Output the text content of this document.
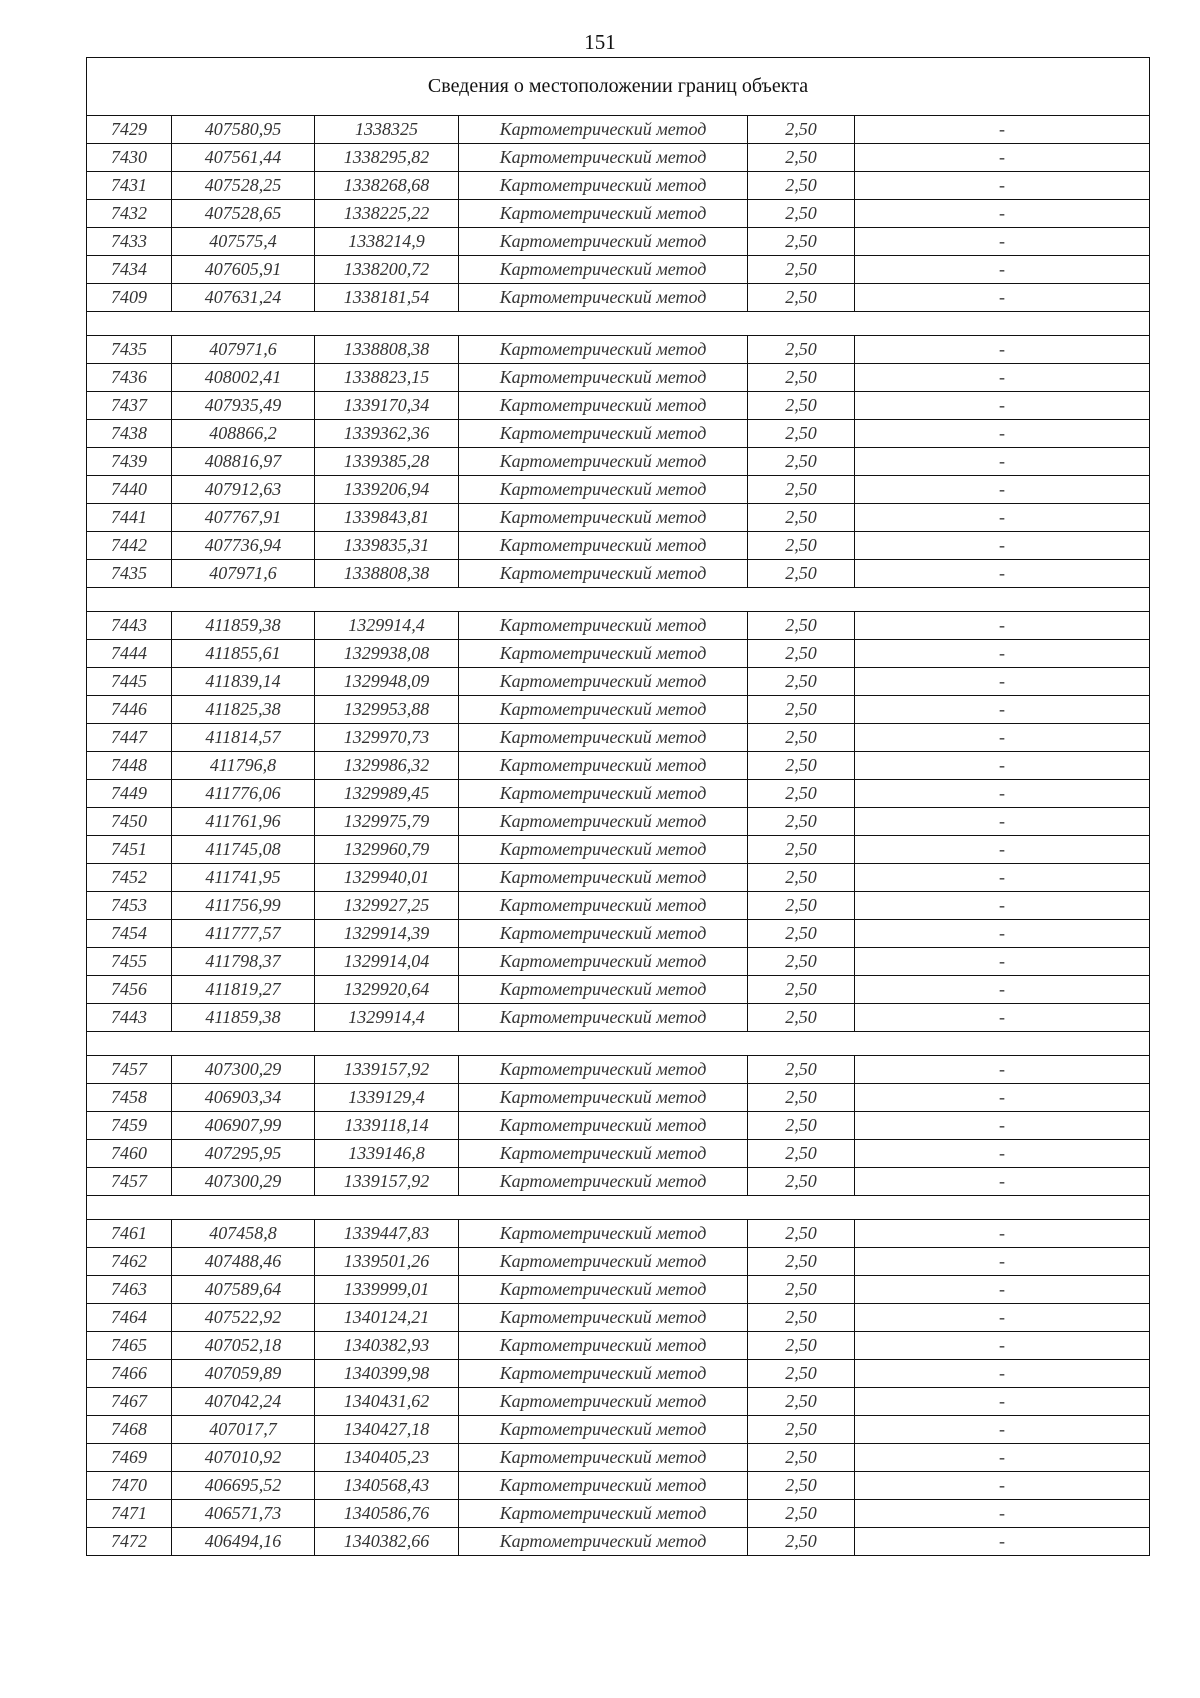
151
Сведения о местоположении границ объекта					
7429	407580,95	1338325	Картометрический метод	2,50	-
7430	407561,44	1338295,82	Картометрический метод	2,50	-
7431	407528,25	1338268,68	Картометрический метод	2,50	-
7432	407528,65	1338225,22	Картометрический метод	2,50	-
7433	407575,4	1338214,9	Картометрический метод	2,50	-
7434	407605,91	1338200,72	Картометрический метод	2,50	-
7409	407631,24	1338181,54	Картометрический метод	2,50	-

7435	407971,6	1338808,38	Картометрический метод	2,50	-
7436	408002,41	1338823,15	Картометрический метод	2,50	-
7437	407935,49	1339170,34	Картометрический метод	2,50	-
7438	408866,2	1339362,36	Картометрический метод	2,50	-
7439	408816,97	1339385,28	Картометрический метод	2,50	-
7440	407912,63	1339206,94	Картометрический метод	2,50	-
7441	407767,91	1339843,81	Картометрический метод	2,50	-
7442	407736,94	1339835,31	Картометрический метод	2,50	-
7435	407971,6	1338808,38	Картометрический метод	2,50	-

7443	411859,38	1329914,4	Картометрический метод	2,50	-
7444	411855,61	1329938,08	Картометрический метод	2,50	-
7445	411839,14	1329948,09	Картометрический метод	2,50	-
7446	411825,38	1329953,88	Картометрический метод	2,50	-
7447	411814,57	1329970,73	Картометрический метод	2,50	-
7448	411796,8	1329986,32	Картометрический метод	2,50	-
7449	411776,06	1329989,45	Картометрический метод	2,50	-
7450	411761,96	1329975,79	Картометрический метод	2,50	-
7451	411745,08	1329960,79	Картометрический метод	2,50	-
7452	411741,95	1329940,01	Картометрический метод	2,50	-
7453	411756,99	1329927,25	Картометрический метод	2,50	-
7454	411777,57	1329914,39	Картометрический метод	2,50	-
7455	411798,37	1329914,04	Картометрический метод	2,50	-
7456	411819,27	1329920,64	Картометрический метод	2,50	-
7443	411859,38	1329914,4	Картометрический метод	2,50	-

7457	407300,29	1339157,92	Картометрический метод	2,50	-
7458	406903,34	1339129,4	Картометрический метод	2,50	-
7459	406907,99	1339118,14	Картометрический метод	2,50	-
7460	407295,95	1339146,8	Картометрический метод	2,50	-
7457	407300,29	1339157,92	Картометрический метод	2,50	-

7461	407458,8	1339447,83	Картометрический метод	2,50	-
7462	407488,46	1339501,26	Картометрический метод	2,50	-
7463	407589,64	1339999,01	Картометрический метод	2,50	-
7464	407522,92	1340124,21	Картометрический метод	2,50	-
7465	407052,18	1340382,93	Картометрический метод	2,50	-
7466	407059,89	1340399,98	Картометрический метод	2,50	-
7467	407042,24	1340431,62	Картометрический метод	2,50	-
7468	407017,7	1340427,18	Картометрический метод	2,50	-
7469	407010,92	1340405,23	Картометрический метод	2,50	-
7470	406695,52	1340568,43	Картометрический метод	2,50	-
7471	406571,73	1340586,76	Картометрический метод	2,50	-
7472	406494,16	1340382,66	Картометрический метод	2,50	-
